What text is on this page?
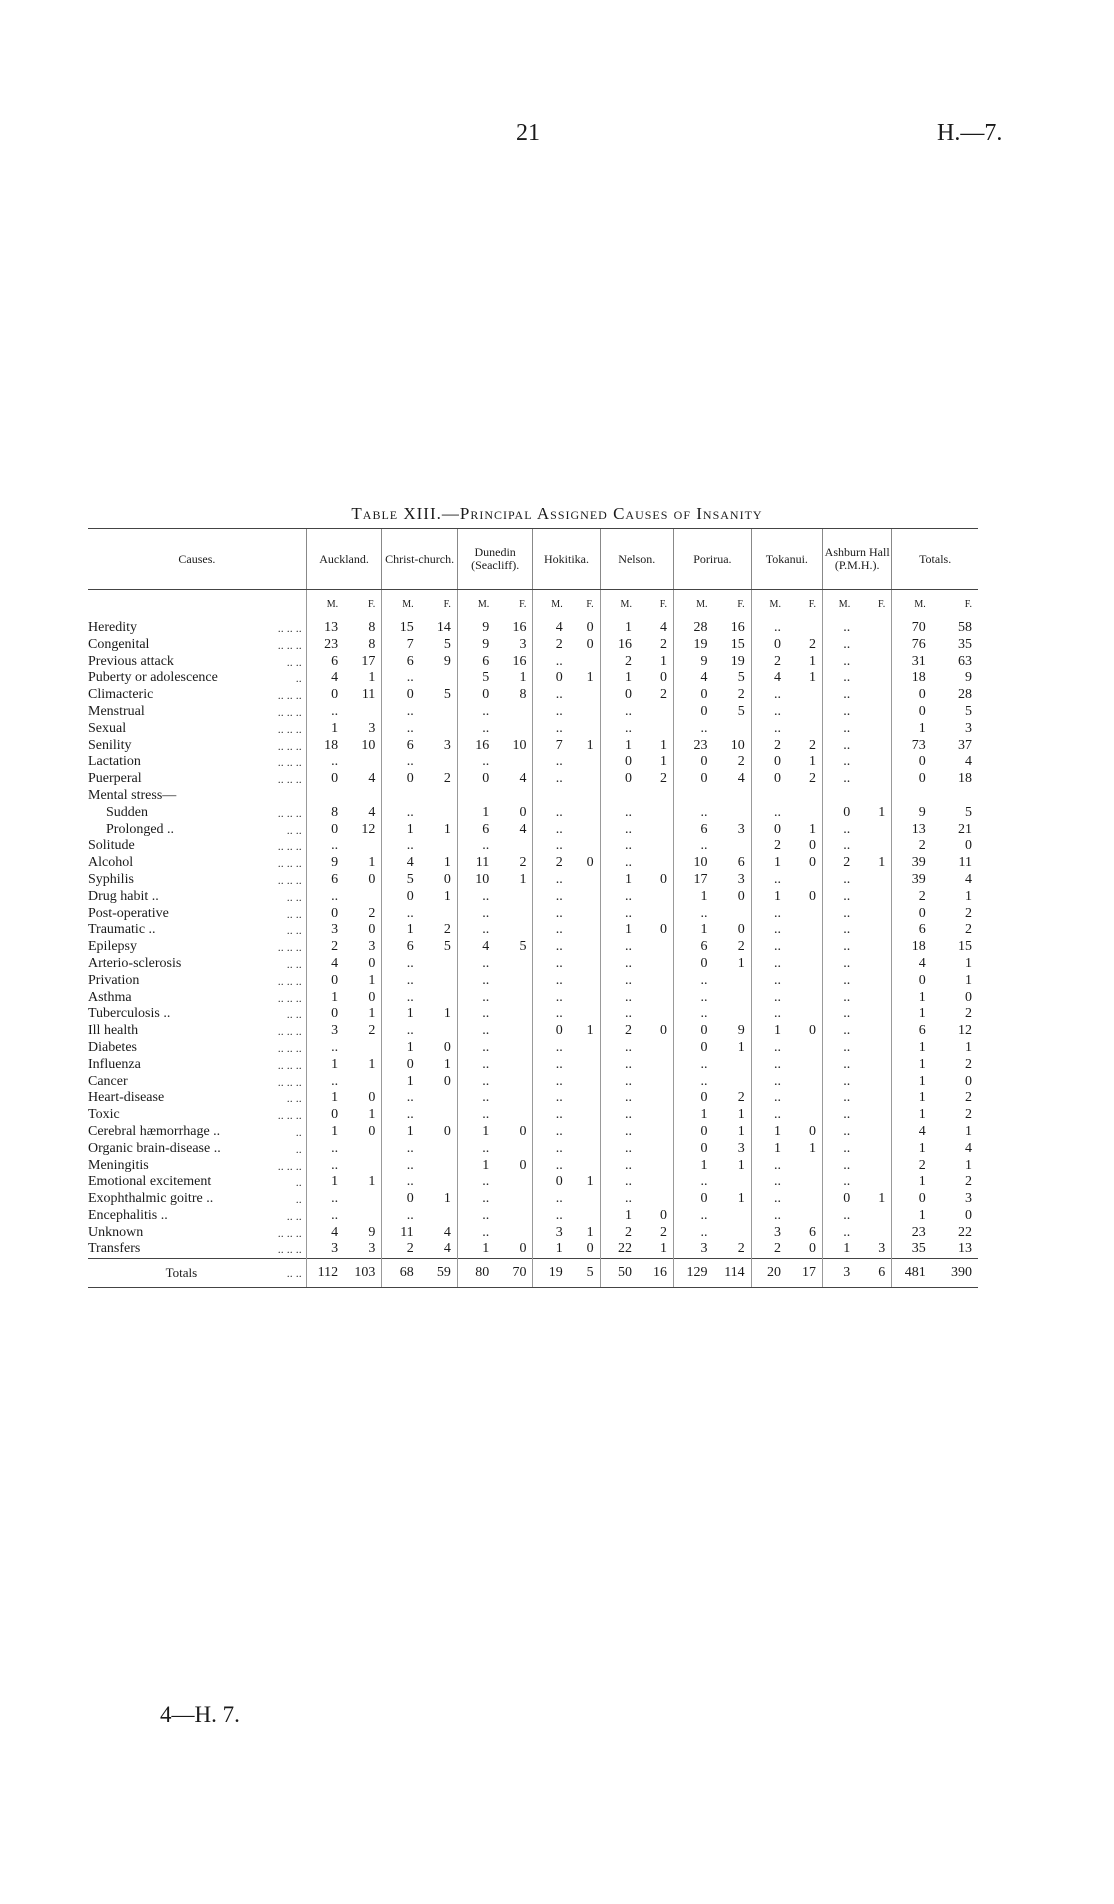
21	H.—7.
Table XIII.—Principal Assigned Causes of Insanity
Causes.		Auckland.		Christ-church.		Dunedin (Seacliff).		Hokitika.		Nelson.		Porirua.		Tokanui.		Ashburn Hall (P.M.H.).		Totals.	
		M.	F.	M.	F.	M.	F.	M.	F.	M.	F.	M.	F.	M.	F.	M.	F.	M.	F.
Heredity	.. .. ..	13	8	15	14	9	16	4	0	1	4	28	16	..		..		70	58
Congenital	.. .. ..	23	8	7	5	9	3	2	0	16	2	19	15	0	2	..		76	35
Previous attack	.. ..	6	17	6	9	6	16	..		2	1	9	19	2	1	..		31	63
Puberty or adolescence	..	4	1	..		5	1	0	1	1	0	4	5	4	1	..		18	9
Climacteric	.. .. ..	0	11	0	5	0	8	..		0	2	0	2	..		..		0	28
Menstrual	.. .. ..	..		..		..		..		..		0	5	..		..		0	5
Sexual	.. .. ..	1	3	..		..		..		..		..		..		..		1	3
Senility	.. .. ..	18	10	6	3	16	10	7	1	1	1	23	10	2	2	..		73	37
Lactation	.. .. ..	..		..		..		..		0	1	0	2	0	1	..		0	4
Puerperal	.. .. ..	0	4	0	2	0	4	..		0	2	0	4	0	2	..		0	18
Mental stress—																			
Sudden	.. .. ..	8	4	..		1	0	..		..		..		..		0	1	9	5
Prolonged ..	.. ..	0	12	1	1	6	4	..		..		6	3	0	1	..		13	21
Solitude	.. .. ..	..		..		..		..		..		..		2	0	..		2	0
Alcohol	.. .. ..	9	1	4	1	11	2	2	0	..		10	6	1	0	2	1	39	11
Syphilis	.. .. ..	6	0	5	0	10	1	..		1	0	17	3	..		..		39	4
Drug habit ..	.. ..	..		0	1	..		..		..		1	0	1	0	..		2	1
Post-operative	.. ..	0	2	..		..		..		..		..		..		..		0	2
Traumatic ..	.. ..	3	0	1	2	..		..		1	0	1	0	..		..		6	2
Epilepsy	.. .. ..	2	3	6	5	4	5	..		..		6	2	..		..		18	15
Arterio-sclerosis	.. ..	4	0	..		..		..		..		0	1	..		..		4	1
Privation	.. .. ..	0	1	..		..		..		..		..		..		..		0	1
Asthma	.. .. ..	1	0	..		..		..		..		..		..		..		1	0
Tuberculosis ..	.. ..	0	1	1	1	..		..		..		..		..		..		1	2
Ill health	.. .. ..	3	2	..		..		0	1	2	0	0	9	1	0	..		6	12
Diabetes	.. .. ..	..		1	0	..		..		..		0	1	..		..		1	1
Influenza	.. .. ..	1	1	0	1	..		..		..		..		..		..		1	2
Cancer	.. .. ..	..		1	0	..		..		..		..		..		..		1	0
Heart-disease	.. ..	1	0	..		..		..		..		0	2	..		..		1	2
Toxic	.. .. ..	0	1	..		..		..		..		1	1	..		..		1	2
Cerebral hæmorrhage ..	..	1	0	1	0	1	0	..		..		0	1	1	0	..		4	1
Organic brain-disease ..	..	..		..		..		..		..		0	3	1	1	..		1	4
Meningitis	.. .. ..	..		..		1	0	..		..		1	1	..		..		2	1
Emotional excitement	..	1	1	..		..		0	1	..		..		..		..		1	2
Exophthalmic goitre ..	..	..		0	1	..		..		..		0	1	..		0	1	0	3
Encephalitis ..	.. ..	..		..		..		..		1	0	..		..		..		1	0
Unknown	.. .. ..	4	9	11	4	..		3	1	2	2	..		3	6	..		23	22
Transfers	.. .. ..	3	3	2	4	1	0	1	0	22	1	3	2	2	0	1	3	35	13
Totals	.. ..	112	103	68	59	80	70	19	5	50	16	129	114	20	17	3	6	481	390
4—H. 7.
